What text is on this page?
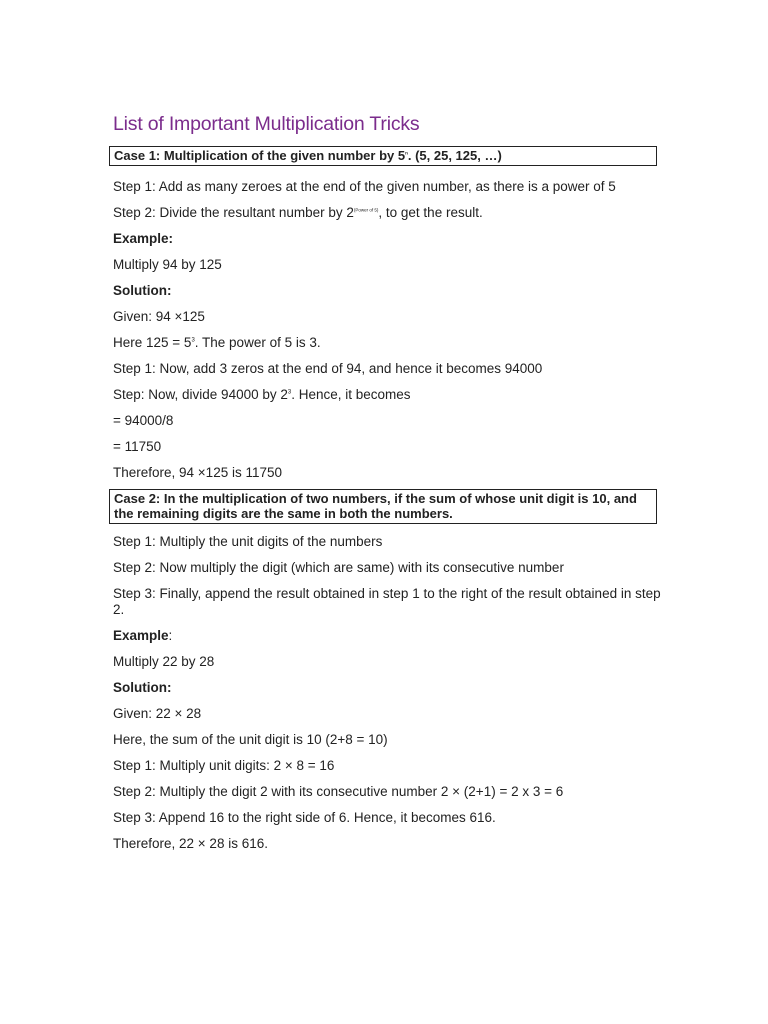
List of Important Multiplication Tricks
Case 1: Multiplication of the given number by 5$^n$. (5, 25, 125, …)

Step 1: Add as many zeroes at the end of the given number, as there is a power of 5

Step 2: Divide the resultant number by $2^{(Power of 5)}$, to get the result.

Example:

Multiply 94 by 125

Solution:

Given: 94 ×125

Here $125 = 5^3$. The power of 5 is 3.

Step 1: Now, add 3 zeros at the end of 94, and hence it becomes 94000

Step: Now, divide 94000 by $2^3$. Hence, it becomes

= 94000/8

= 11750

Therefore, 94 ×125 is 11750

Case 2: In the multiplication of two numbers, if the sum of whose unit digit is 10, and the remaining digits are the same in both the numbers.

Step 1: Multiply the unit digits of the numbers

Step 2: Now multiply the digit (which are same) with its consecutive number

Step 3: Finally, append the result obtained in step 1 to the right of the result obtained in step 2.

Example:

Multiply 22 by 28

Solution:

Given: 22 × 28

Here, the sum of the unit digit is 10 (2+8 = 10)

Step 1: Multiply unit digits: 2 × 8 = 16

Step 2: Multiply the digit 2 with its consecutive number 2 × (2+1) = 2 x 3 = 6

Step 3: Append 16 to the right side of 6. Hence, it becomes 616.

Therefore, 22 × 28 is 616.
